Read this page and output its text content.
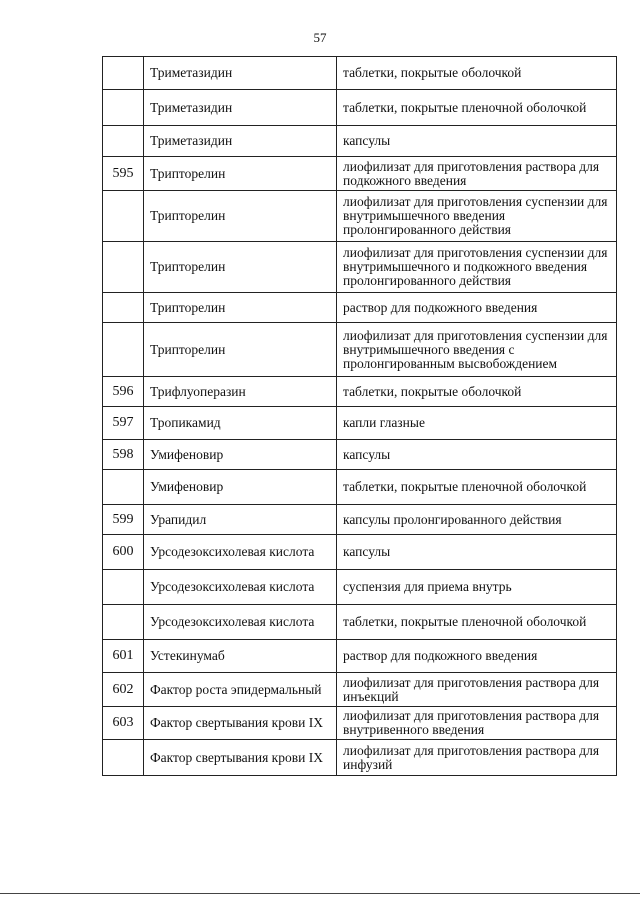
57
	Триметазидин	таблетки, покрытые оболочкой
	Триметазидин	таблетки, покрытые пленочной оболочкой
	Триметазидин	капсулы
595	Трипторелин	лиофилизат для приготовления раствора для подкожного введения
	Трипторелин	лиофилизат для приготовления суспензии для внутримышечного введения пролонгированного действия
	Трипторелин	лиофилизат для приготовления суспензии для внутримышечного и подкожного введения пролонгированного действия
	Трипторелин	раствор для подкожного введения
	Трипторелин	лиофилизат для приготовления суспензии для внутримышечного введения с пролонгированным высвобождением
596	Трифлуоперазин	таблетки, покрытые оболочкой
597	Тропикамид	капли глазные
598	Умифеновир	капсулы
	Умифеновир	таблетки, покрытые пленочной оболочкой
599	Урапидил	капсулы пролонгированного действия
600	Урсодезоксихолевая кислота	капсулы
	Урсодезоксихолевая кислота	суспензия для приема внутрь
	Урсодезоксихолевая кислота	таблетки, покрытые пленочной оболочкой
601	Устекинумаб	раствор для подкожного введения
602	Фактор роста эпидермальный	лиофилизат для приготовления раствора для инъекций
603	Фактор свертывания крови IX	лиофилизат для приготовления раствора для внутривенного введения
	Фактор свертывания крови IX	лиофилизат для приготовления раствора для инфузий
